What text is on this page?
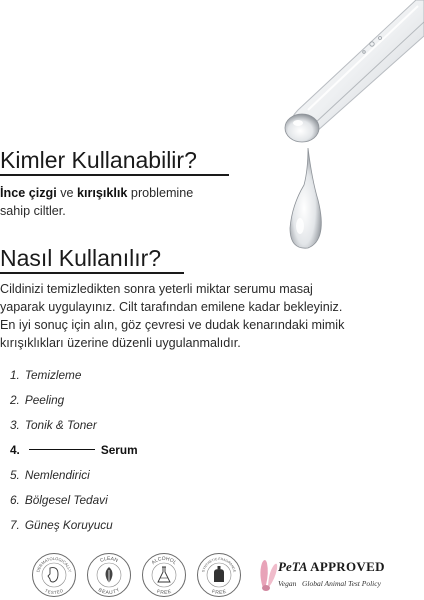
Kimler Kullanabilir?

İnce çizgi ve kırışıklık problemine
sahip ciltler.

Nasıl Kullanılır?

Cildinizi temizledikten sonra yeterli miktar serumu masaj
yaparak uygulayınız. Cilt tarafından emilene kadar bekleyiniz.
En iyi sonuç için alın, göz çevresi ve dudak kenarındaki mimik
kırışıklıkları üzerine düzenli uygulanmalıdır.

1. Temizleme
2. Peeling
3. Tonik & Toner
4.	Serum
5. Nemlendirici
6. Bölgesel Tedavi
7. Güneş Koruyucu
DERMATOLOGICALLY
TESTED
CLEAN
BEAUTY
ALCOHOL
FREE
SYNTHETIC FRAGRANCE
FREE
PeTA APPROVED
Vegan Global Animal Test Policy
